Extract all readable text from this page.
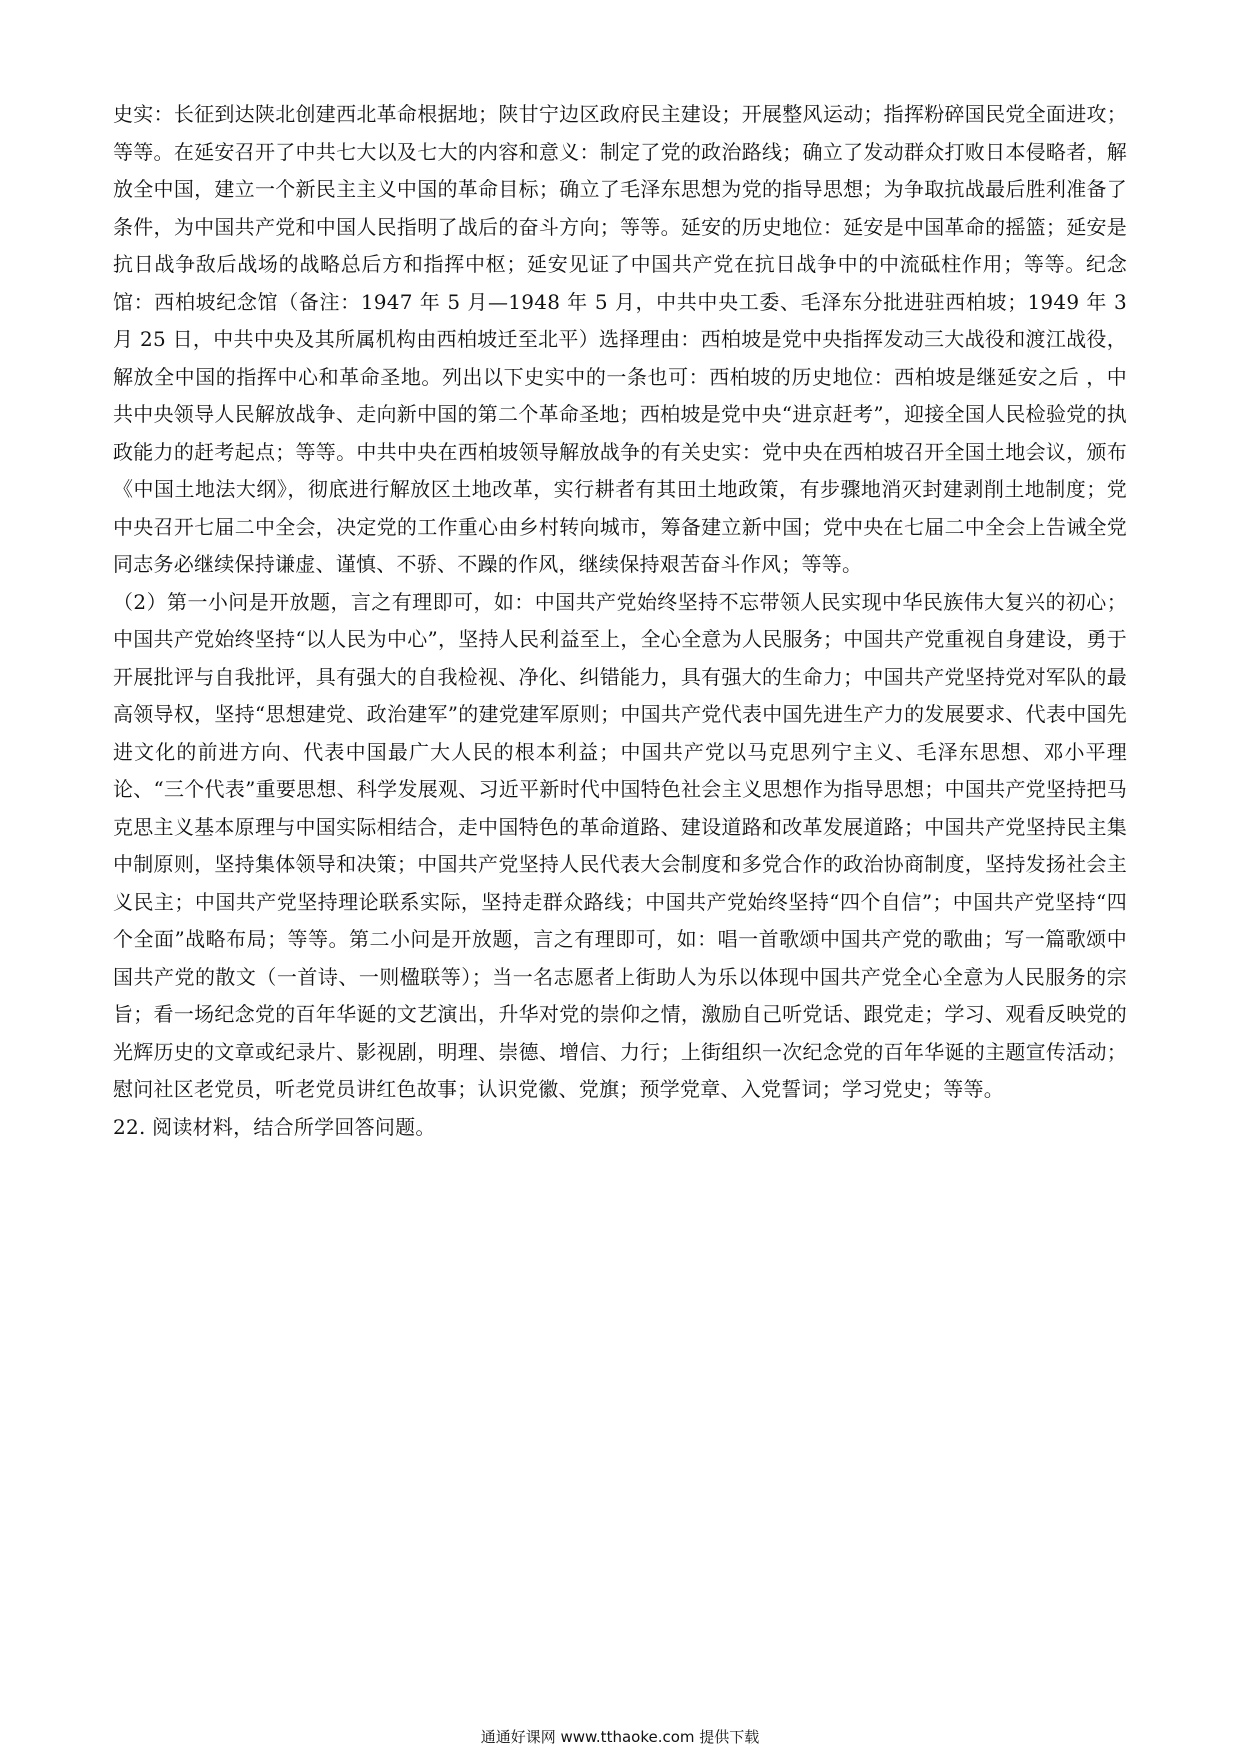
史实：长征到达陕北创建西北革命根据地；陕甘宁边区政府民主建设；开展整风运动；指挥粉碎国民党全面进攻；等等。在延安召开了中共七大以及七大的内容和意义：制定了党的政治路线；确立了发动群众打败日本侵略者，解放全中国，建立一个新民主主义中国的革命目标；确立了毛泽东思想为党的指导思想；为争取抗战最后胜利准备了条件，为中国共产党和中国人民指明了战后的奋斗方向；等等。延安的历史地位：延安是中国革命的摇篮；延安是抗日战争敌后战场的战略总后方和指挥中枢；延安见证了中国共产党在抗日战争中的中流砥柱作用；等等。纪念馆：西柏坡纪念馆（备注：1947 年 5 月—1948 年 5 月，中共中央工委、毛泽东分批进驻西柏坡；1949 年 3 月 25 日，中共中央及其所属机构由西柏坡迁至北平）选择理由：西柏坡是党中央指挥发动三大战役和渡江战役，解放全中国的指挥中心和革命圣地。列出以下史实中的一条也可：西柏坡的历史地位：西柏坡是继延安之后 ，中共中央领导人民解放战争、走向新中国的第二个革命圣地；西柏坡是党中央“进京赶考”，迎接全国人民检验党的执政能力的赶考起点；等等。中共中央在西柏坡领导解放战争的有关史实：党中央在西柏坡召开全国土地会议，颁布《中国土地法大纲》，彻底进行解放区土地改革，实行耕者有其田土地政策，有步骤地消灭封建剥削土地制度；党中央召开七届二中全会，决定党的工作重心由乡村转向城市，筹备建立新中国；党中央在七届二中全会上告诫全党同志务必继续保持谦虚、谨慎、不骄、不躁的作风，继续保持艰苦奋斗作风；等等。

（2）第一小问是开放题，言之有理即可，如：中国共产党始终坚持不忘带领人民实现中华民族伟大复兴的初心；中国共产党始终坚持“以人民为中心”，坚持人民利益至上，全心全意为人民服务；中国共产党重视自身建设，勇于开展批评与自我批评，具有强大的自我检视、净化、纠错能力，具有强大的生命力；中国共产党坚持党对军队的最高领导权，坚持“思想建党、政治建军”的建党建军原则；中国共产党代表中国先进生产力的发展要求、代表中国先进文化的前进方向、代表中国最广大人民的根本利益；中国共产党以马克思列宁主义、毛泽东思想、邓小平理论、“三个代表”重要思想、科学发展观、习近平新时代中国特色社会主义思想作为指导思想；中国共产党坚持把马克思主义基本原理与中国实际相结合，走中国特色的革命道路、建设道路和改革发展道路；中国共产党坚持民主集中制原则，坚持集体领导和决策；中国共产党坚持人民代表大会制度和多党合作的政治协商制度，坚持发扬社会主义民主；中国共产党坚持理论联系实际，坚持走群众路线；中国共产党始终坚持“四个自信”；中国共产党坚持“四个全面”战略布局；等等。第二小问是开放题，言之有理即可，如：唱一首歌颂中国共产党的歌曲；写一篇歌颂中国共产党的散文（一首诗、一则楹联等）；当一名志愿者上街助人为乐以体现中国共产党全心全意为人民服务的宗旨；看一场纪念党的百年华诞的文艺演出，升华对党的崇仰之情，激励自己听党话、跟党走；学习、观看反映党的光辉历史的文章或纪录片、影视剧，明理、崇德、增信、力行；上街组织一次纪念党的百年华诞的主题宣传活动；慰问社区老党员，听老党员讲红色故事；认识党徽、党旗；预学党章、入党誓词；学习党史；等等。

22. 阅读材料，结合所学回答问题。

通通好课网 www.tthaoke.com 提供下载
